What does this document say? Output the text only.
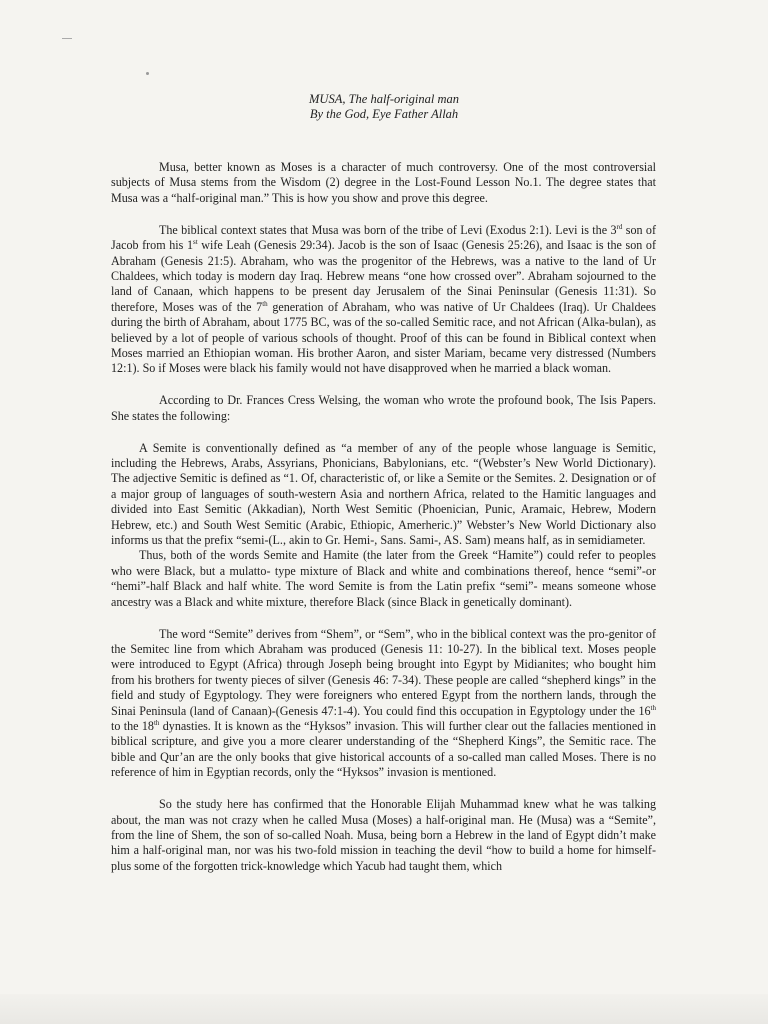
MUSA, The half-original man
By the God, Eye Father Allah

Musa, better known as Moses is a character of much controversy. One of the most controversial subjects of Musa stems from the Wisdom (2) degree in the Lost-Found Lesson No.1. The degree states that Musa was a “half-original man.” This is how you show and prove this degree.

The biblical context states that Musa was born of the tribe of Levi (Exodus 2:1). Levi is the 3rd son of Jacob from his 1st wife Leah (Genesis 29:34). Jacob is the son of Isaac (Genesis 25:26), and Isaac is the son of Abraham (Genesis 21:5). Abraham, who was the progenitor of the Hebrews, was a native to the land of Ur Chaldees, which today is modern day Iraq. Hebrew means “one how crossed over”. Abraham sojourned to the land of Canaan, which happens to be present day Jerusalem of the Sinai Peninsular (Genesis 11:31). So therefore, Moses was of the 7th generation of Abraham, who was native of Ur Chaldees (Iraq). Ur Chaldees during the birth of Abraham, about 1775 BC, was of the so-called Semitic race, and not African (Alka-bulan), as believed by a lot of people of various schools of thought. Proof of this can be found in Biblical context when Moses married an Ethiopian woman. His brother Aaron, and sister Mariam, became very distressed (Numbers 12:1). So if Moses were black his family would not have disapproved when he married a black woman.

According to Dr. Frances Cress Welsing, the woman who wrote the profound book, The Isis Papers. She states the following:

A Semite is conventionally defined as “a member of any of the people whose language is Semitic, including the Hebrews, Arabs, Assyrians, Phonicians, Babylonians, etc. “(Webster’s New World Dictionary). The adjective Semitic is defined as “1. Of, characteristic of, or like a Semite or the Semites. 2. Designation or of a major group of languages of south-western Asia and northern Africa, related to the Hamitic languages and divided into East Semitic (Akkadian), North West Semitic (Phoenician, Punic, Aramaic, Hebrew, Modern Hebrew, etc.) and South West Semitic (Arabic, Ethiopic, Amerheric.)” Webster’s New World Dictionary also informs us that the prefix “semi-(L., akin to Gr. Hemi-, Sans. Sami-, AS. Sam) means half, as in semidiameter.

Thus, both of the words Semite and Hamite (the later from the Greek “Hamite”) could refer to peoples who were Black, but a mulatto- type mixture of Black and white and combinations thereof, hence “semi”-or “hemi”-half Black and half white. The word Semite is from the Latin prefix “semi”- means someone whose ancestry was a Black and white mixture, therefore Black (since Black in genetically dominant).

The word “Semite” derives from “Shem”, or “Sem”, who in the biblical context was the pro-genitor of the Semitec line from which Abraham was produced (Genesis 11: 10-27). In the biblical text. Moses people were introduced to Egypt (Africa) through Joseph being brought into Egypt by Midianites; who bought him from his brothers for twenty pieces of silver (Genesis 46: 7-34). These people are called “shepherd kings” in the field and study of Egyptology. They were foreigners who entered Egypt from the northern lands, through the Sinai Peninsula (land of Canaan)-(Genesis 47:1-4). You could find this occupation in Egyptology under the 16th to the 18th dynasties. It is known as the “Hyksos” invasion. This will further clear out the fallacies mentioned in biblical scripture, and give you a more clearer understanding of the “Shepherd Kings”, the Semitic race. The bible and Qur’an are the only books that give historical accounts of a so-called man called Moses. There is no reference of him in Egyptian records, only the “Hyksos” invasion is mentioned.

So the study here has confirmed that the Honorable Elijah Muhammad knew what he was talking about, the man was not crazy when he called Musa (Moses) a half-original man. He (Musa) was a “Semite”, from the line of Shem, the son of so-called Noah. Musa, being born a Hebrew in the land of Egypt didn’t make him a half-original man, nor was his two-fold mission in teaching the devil “how to build a home for himself-plus some of the forgotten trick-knowledge which Yacub had taught them, which
